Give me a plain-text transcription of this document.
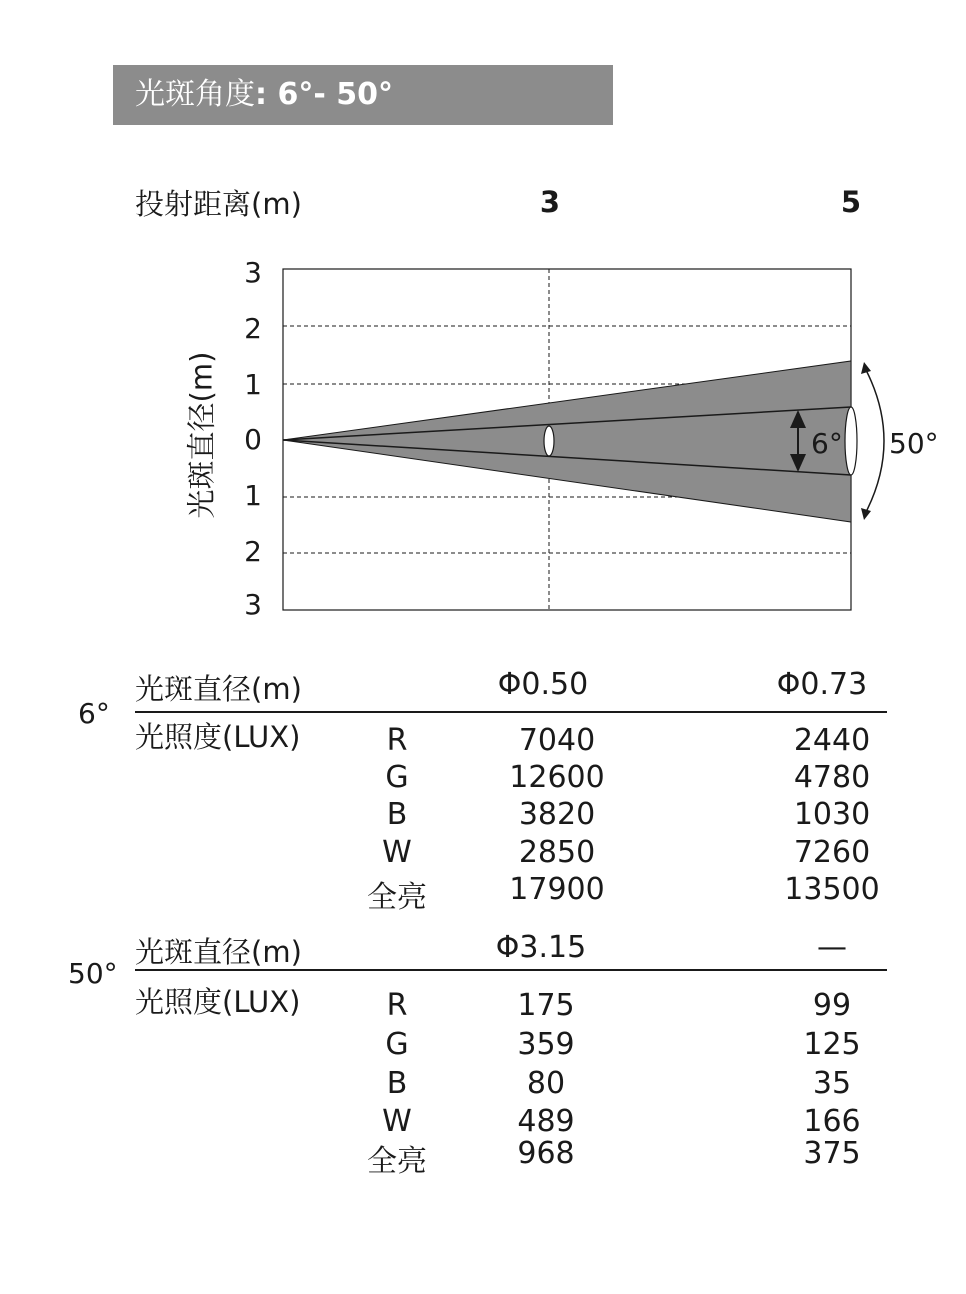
光斑角度: 6°- 50°
投射距离(m)	3	5
光斑直径(m)
3
2
1
0
1
2
3
6° 50°
6°
光斑直径(m)	Φ0.50	Φ0.73
光照度(LUX)	R	7040	2440
G	12600	4780
B	3820	1030
W	2850	7260
全亮	17900	13500
50°
光斑直径(m)	Φ3.15	—
光照度(LUX)	R	175	99
G	359	125
B	80	35
W	489	166
全亮	968	375
